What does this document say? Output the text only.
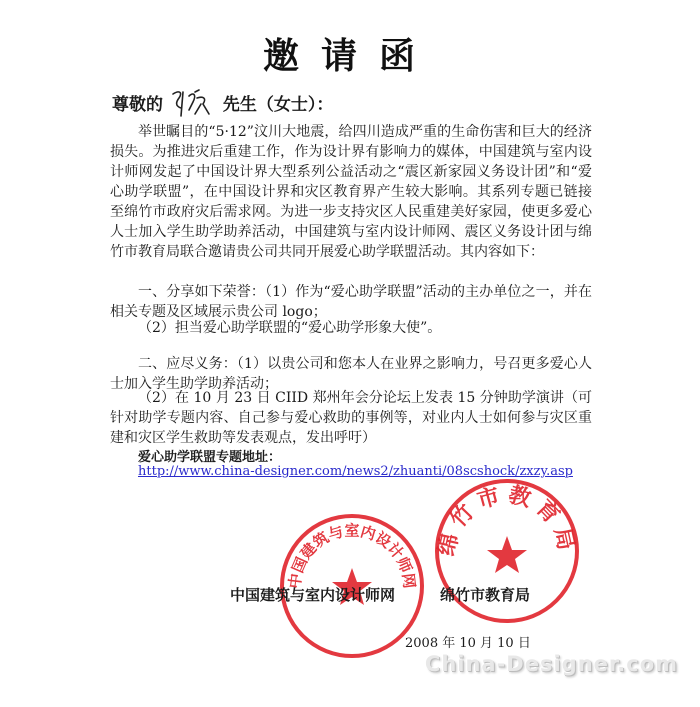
邀请函
尊敬的	先生（女士）：
举世瞩目的“5·12”汶川大地震，给四川造成严重的生命伤害和巨大的经济损失。为推进灾后重建工作，作为设计界有影响力的媒体，中国建筑与室内设计师网发起了中国设计界大型系列公益活动之“震区新家园义务设计团”和“爱心助学联盟”，在中国设计界和灾区教育界产生较大影响。其系列专题已链接至绵竹市政府灾后需求网。为进一步支持灾区人民重建美好家园，使更多爱心人士加入学生助学助养活动，中国建筑与室内设计师网、震区义务设计团与绵竹市教育局联合邀请贵公司共同开展爱心助学联盟活动。其内容如下：
一、分享如下荣誉：（1）作为“爱心助学联盟”活动的主办单位之一，并在相关专题及区域展示贵公司 logo；
（2）担当爱心助学联盟的“爱心助学形象大使”。
二、应尽义务：（1）以贵公司和您本人在业界之影响力，号召更多爱心人士加入学生助学助养活动；
（2）在 10 月 23 日 CIID 郑州年会分论坛上发表 15 分钟助学演讲（可针对助学专题内容、自己参与爱心救助的事例等，对业内人士如何参与灾区重建和灾区学生救助等发表观点，发出呼吁）
爱心助学联盟专题地址：
http://www.china-designer.com/news2/zhuanti/08scshock/zxzy.asp
中国建筑与室内设计师网
绵竹市教育局
中国建筑与室内设计师网	绵竹市教育局
2008 年 10 月 10 日
China-Designer.com
